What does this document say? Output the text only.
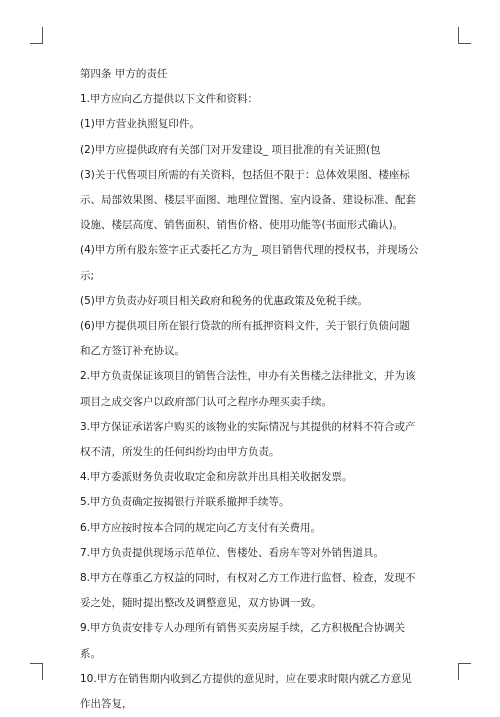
第四条 甲方的责任

1.甲方应向乙方提供以下文件和资料：

(1)甲方营业执照复印件。

(2)甲方应提供政府有关部门对开发建设_ 项目批准的有关证照(包

(3)关于代售项目所需的有关资料，包括但不限于：总体效果图、楼座标示、局部效果图、楼层平面图、地理位置图、室内设备、建设标准、配套设施、楼层高度、销售面积、销售价格、使用功能等(书面形式确认)。

(4)甲方所有股东签字正式委托乙方为_ 项目销售代理的授权书，并现场公示;

(5)甲方负责办好项目相关政府和税务的优惠政策及免税手续。

(6)甲方提供项目所在银行贷款的所有抵押资料文件，关于银行负债问题和乙方签订补充协议。

2.甲方负责保证该项目的销售合法性，申办有关售楼之法律批文，并为该项目之成交客户以政府部门认可之程序办理买卖手续。

3.甲方保证承诺客户购买的该物业的实际情况与其提供的材料不符合或产权不清，所发生的任何纠纷均由甲方负责。

4.甲方委派财务负责收取定金和房款并出具相关收据发票。

5.甲方负责确定按揭银行并联系撤押手续等。

6.甲方应按时按本合同的规定向乙方支付有关费用。

7.甲方负责提供现场示范单位、售楼处、看房车等对外销售道具。

8.甲方在尊重乙方权益的同时，有权对乙方工作进行监督、检查，发现不妥之处，随时提出整改及调整意见，双方协调一致。

9.甲方负责安排专人办理所有销售买卖房屋手续，乙方积极配合协调关系。

10.甲方在销售期内收到乙方提供的意见时，应在要求时限内就乙方意见作出答复，
